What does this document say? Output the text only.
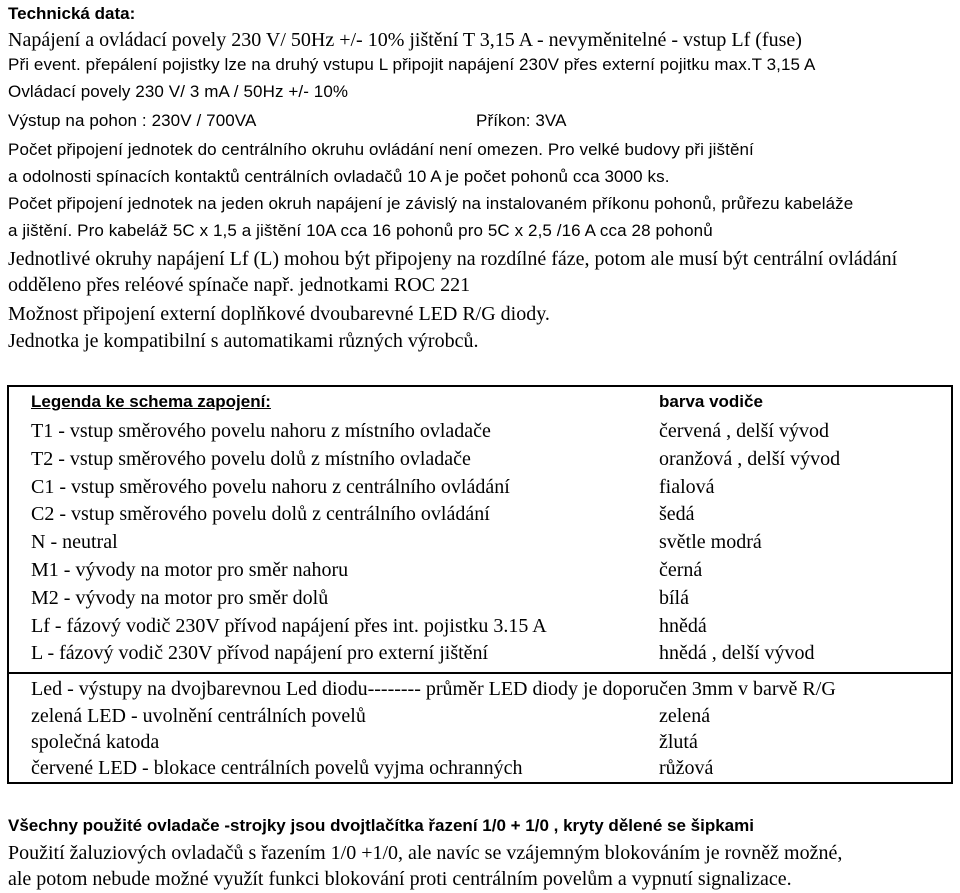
Technická data:
Napájení a ovládací povely 230 V/ 50Hz +/- 10% jištění T 3,15 A - nevyměnitelné - vstup Lf (fuse)
Při event. přepálení pojistky lze na druhý vstupu L připojit napájení 230V přes externí pojitku max.T 3,15 A
Ovládací povely 230 V/ 3 mA / 50Hz +/- 10%
Výstup na pohon : 230V / 700VA	Příkon: 3VA
Počet připojení jednotek do centrálního okruhu ovládání není omezen. Pro velké budovy při jištění
a odolnosti spínacích kontaktů centrálních ovladačů 10 A je počet pohonů cca 3000 ks.
Počet připojení jednotek na jeden okruh napájení je závislý na instalovaném příkonu pohonů, průřezu kabeláže
a jištění. Pro kabeláž 5C x 1,5 a jištění 10A cca 16 pohonů pro 5C x 2,5 /16 A cca 28 pohonů
Jednotlivé okruhy napájení Lf (L) mohou být připojeny na rozdílné fáze, potom ale musí být centrální ovládání
odděleno přes reléové spínače např. jednotkami ROC 221
Možnost připojení externí doplňkové dvoubarevné LED R/G diody.
Jednotka je kompatibilní s automatikami různých výrobců.
Legenda ke schema zapojení:	barva vodiče
T1 - vstup směrového povelu nahoru z místního ovladače	červená , delší vývod
T2 - vstup směrového povelu dolů z místního ovladače	oranžová , delší vývod
C1 - vstup směrového povelu nahoru z centrálního ovládání	fialová
C2 - vstup směrového povelu dolů z centrálního ovládání	šedá
N - neutral	světle modrá
M1 - vývody na motor pro směr nahoru	černá
M2 - vývody na motor pro směr dolů	bílá
Lf - fázový vodič 230V přívod napájení přes int. pojistku 3.15 A	hnědá
L - fázový vodič 230V přívod napájení pro externí jištění	hnědá , delší vývod
Led - výstupy na dvojbarevnou Led diodu-------- průměr LED diody je doporučen 3mm v barvě R/G
zelená LED - uvolnění centrálních povelů	zelená
společná katoda	žlutá
červené LED - blokace centrálních povelů vyjma ochranných	růžová
Všechny použité ovladače -strojky jsou dvojtlačítka řazení 1/0 + 1/0 , kryty dělené se šipkami
Použití žaluziových ovladačů s řazením 1/0 +1/0, ale navíc se vzájemným blokováním je rovněž možné,
ale potom nebude možné využít funkci blokování proti centrálním povelům a vypnutí signalizace.
